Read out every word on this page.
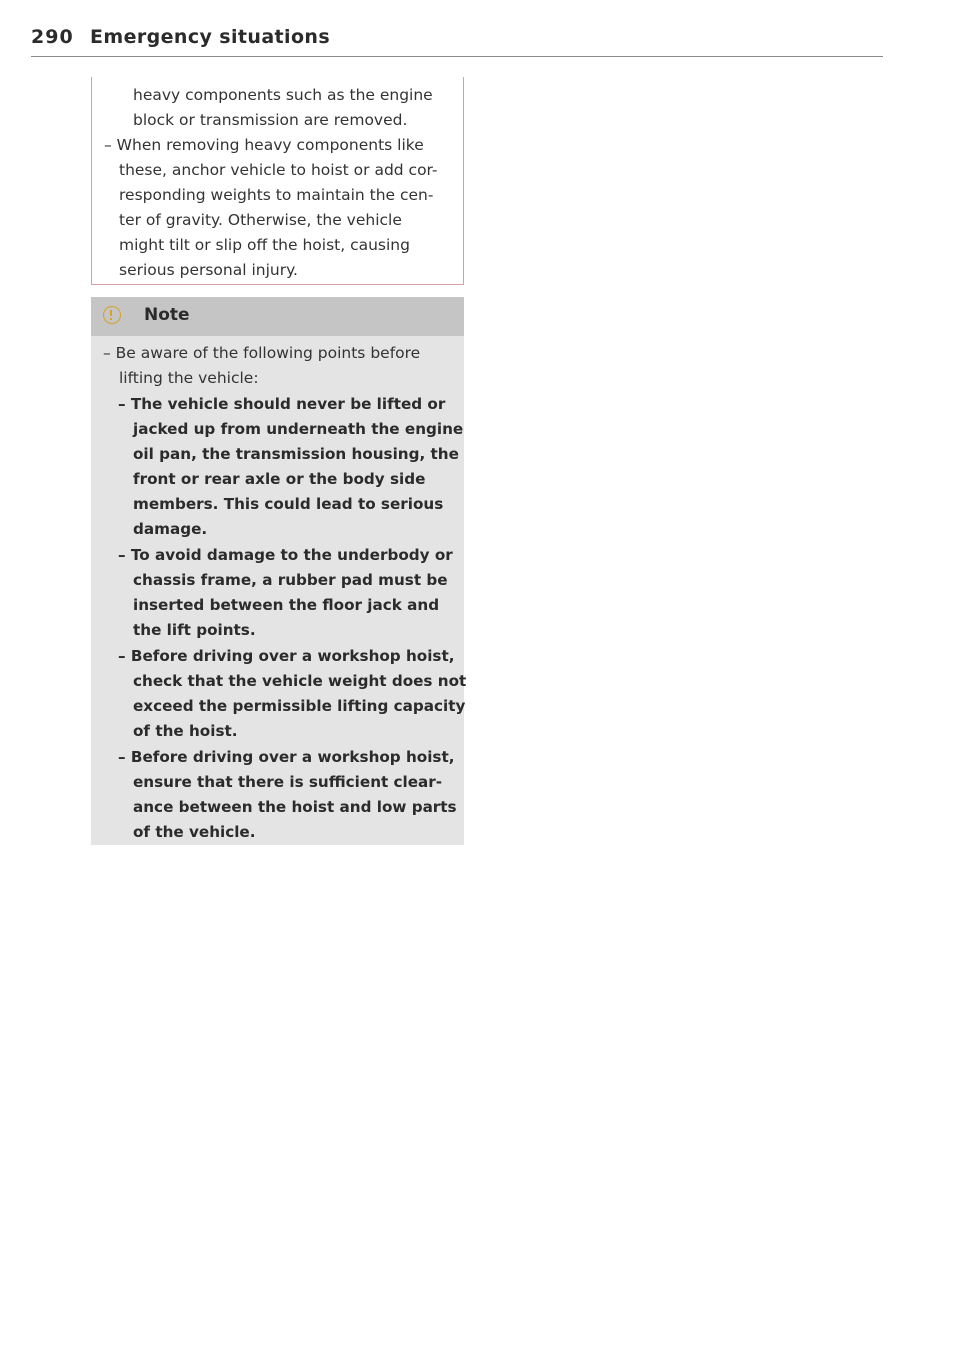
290 Emergency situations
heavy components such as the engine
block or transmission are removed.
– When removing heavy components like
these, anchor vehicle to hoist or add cor-
responding weights to maintain the cen-
ter of gravity. Otherwise, the vehicle
might tilt or slip off the hoist, causing
serious personal injury.
Note
– Be aware of the following points before
lifting the vehicle:
– The vehicle should never be lifted or
jacked up from underneath the engine
oil pan, the transmission housing, the
front or rear axle or the body side
members. This could lead to serious
damage.
– To avoid damage to the underbody or
chassis frame, a rubber pad must be
inserted between the floor jack and
the lift points.
– Before driving over a workshop hoist,
check that the vehicle weight does not
exceed the permissible lifting capacity
of the hoist.
– Before driving over a workshop hoist,
ensure that there is sufficient clear-
ance between the hoist and low parts
of the vehicle.
